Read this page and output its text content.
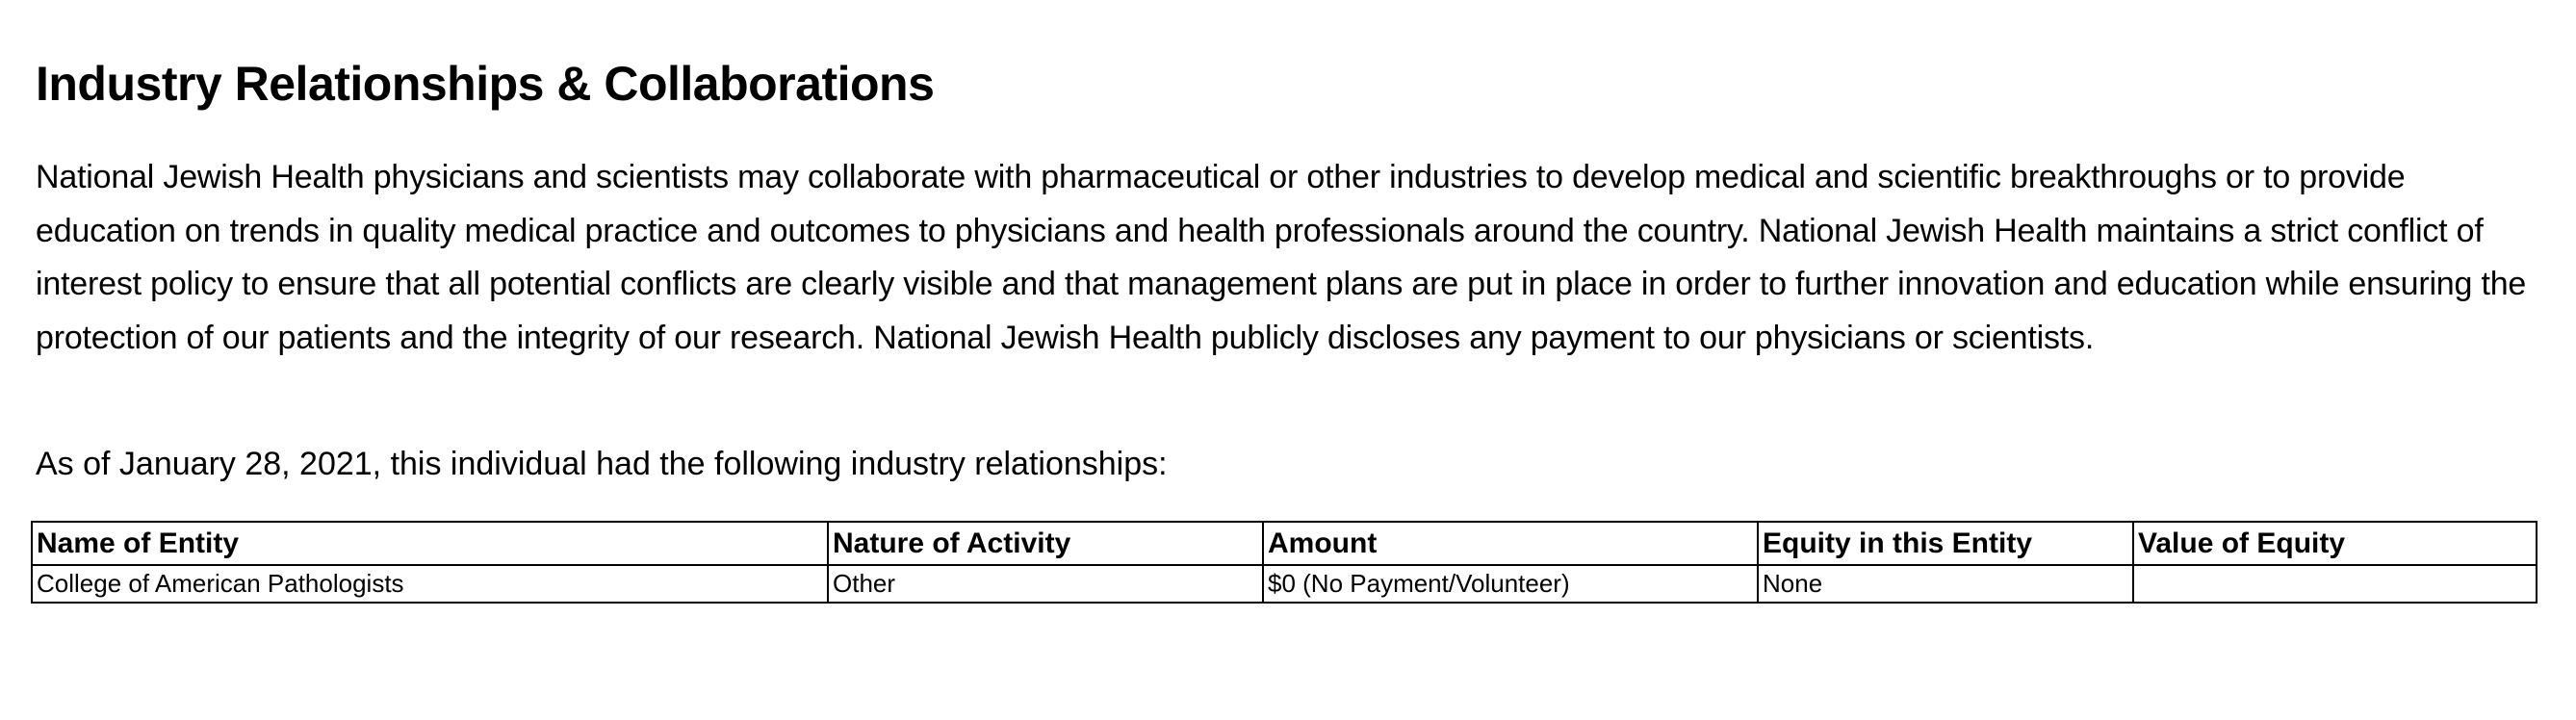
Industry Relationships & Collaborations

National Jewish Health physicians and scientists may collaborate with pharmaceutical or other industries to develop medical and scientific breakthroughs or to provide education on trends in quality medical practice and outcomes to physicians and health professionals around the country. National Jewish Health maintains a strict conflict of interest policy to ensure that all potential conflicts are clearly visible and that management plans are put in place in order to further innovation and education while ensuring the protection of our patients and the integrity of our research. National Jewish Health publicly discloses any payment to our physicians or scientists.

As of January 28, 2021, this individual had the following industry relationships:

Name of Entity	Nature of Activity	Amount	Equity in this Entity	Value of Equity
College of American Pathologists	Other	$0 (No Payment/Volunteer)	None	
